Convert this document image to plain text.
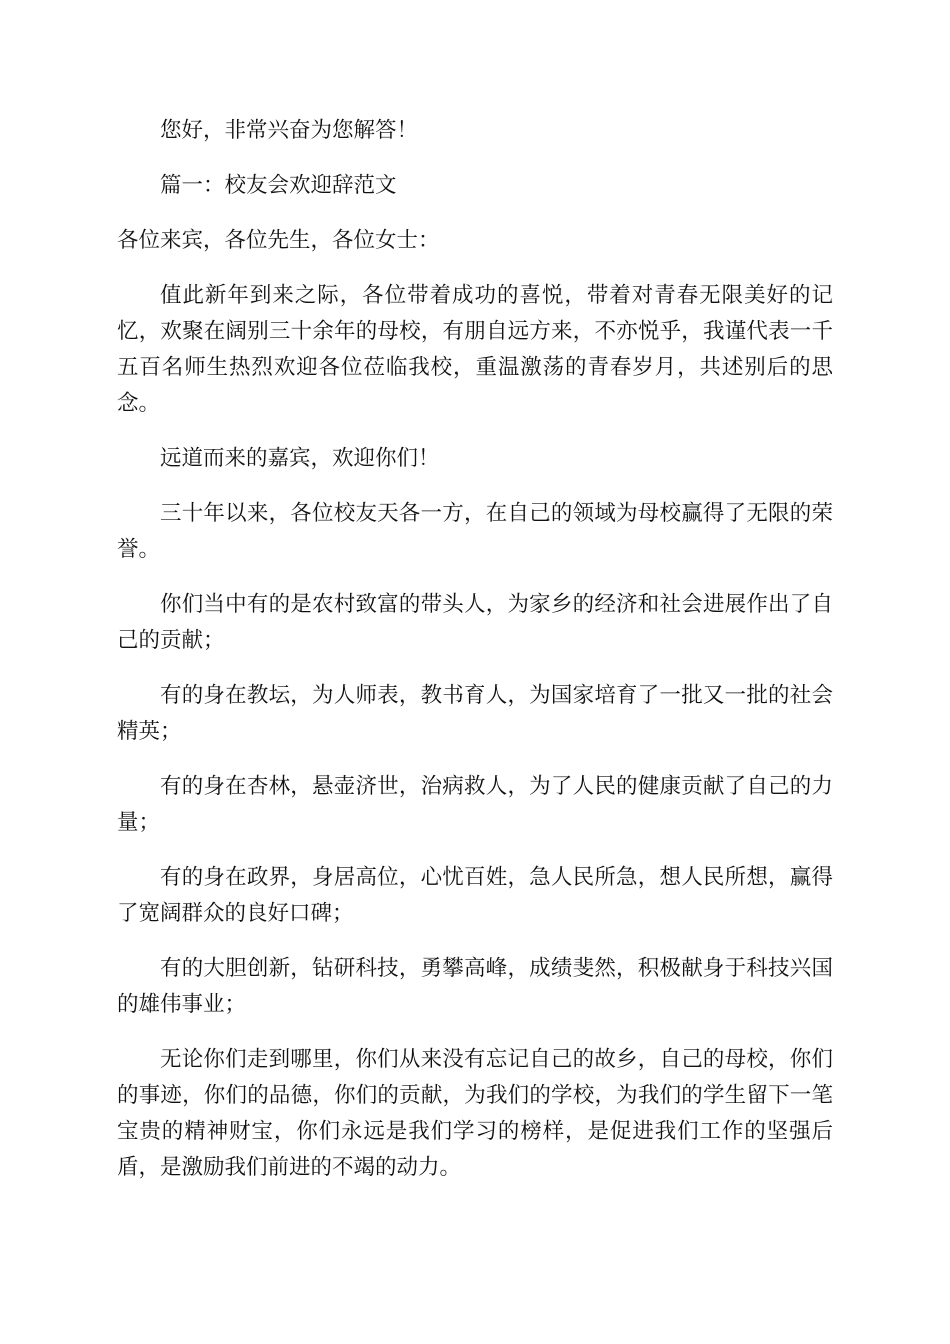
您好，非常兴奋为您解答！

篇一：校友会欢迎辞范文

各位来宾，各位先生，各位女士：

值此新年到来之际，各位带着成功的喜悦，带着对青春无限美好的记忆，欢聚在阔别三十余年的母校，有朋自远方来，不亦悦乎，我谨代表一千五百名师生热烈欢迎各位莅临我校，重温激荡的青春岁月，共述别后的思念。

远道而来的嘉宾，欢迎你们！

三十年以来，各位校友天各一方，在自己的领域为母校赢得了无限的荣誉。

你们当中有的是农村致富的带头人，为家乡的经济和社会进展作出了自己的贡献；

有的身在教坛，为人师表，教书育人，为国家培育了一批又一批的社会精英；

有的身在杏林，悬壶济世，治病救人，为了人民的健康贡献了自己的力量；

有的身在政界，身居高位，心忧百姓，急人民所急，想人民所想，赢得了宽阔群众的良好口碑；

有的大胆创新，钻研科技，勇攀高峰，成绩斐然，积极献身于科技兴国的雄伟事业；

无论你们走到哪里，你们从来没有忘记自己的故乡，自己的母校，你们的事迹，你们的品德，你们的贡献，为我们的学校，为我们的学生留下一笔宝贵的精神财宝，你们永远是我们学习的榜样，是促进我们工作的坚强后盾，是激励我们前进的不竭的动力。
